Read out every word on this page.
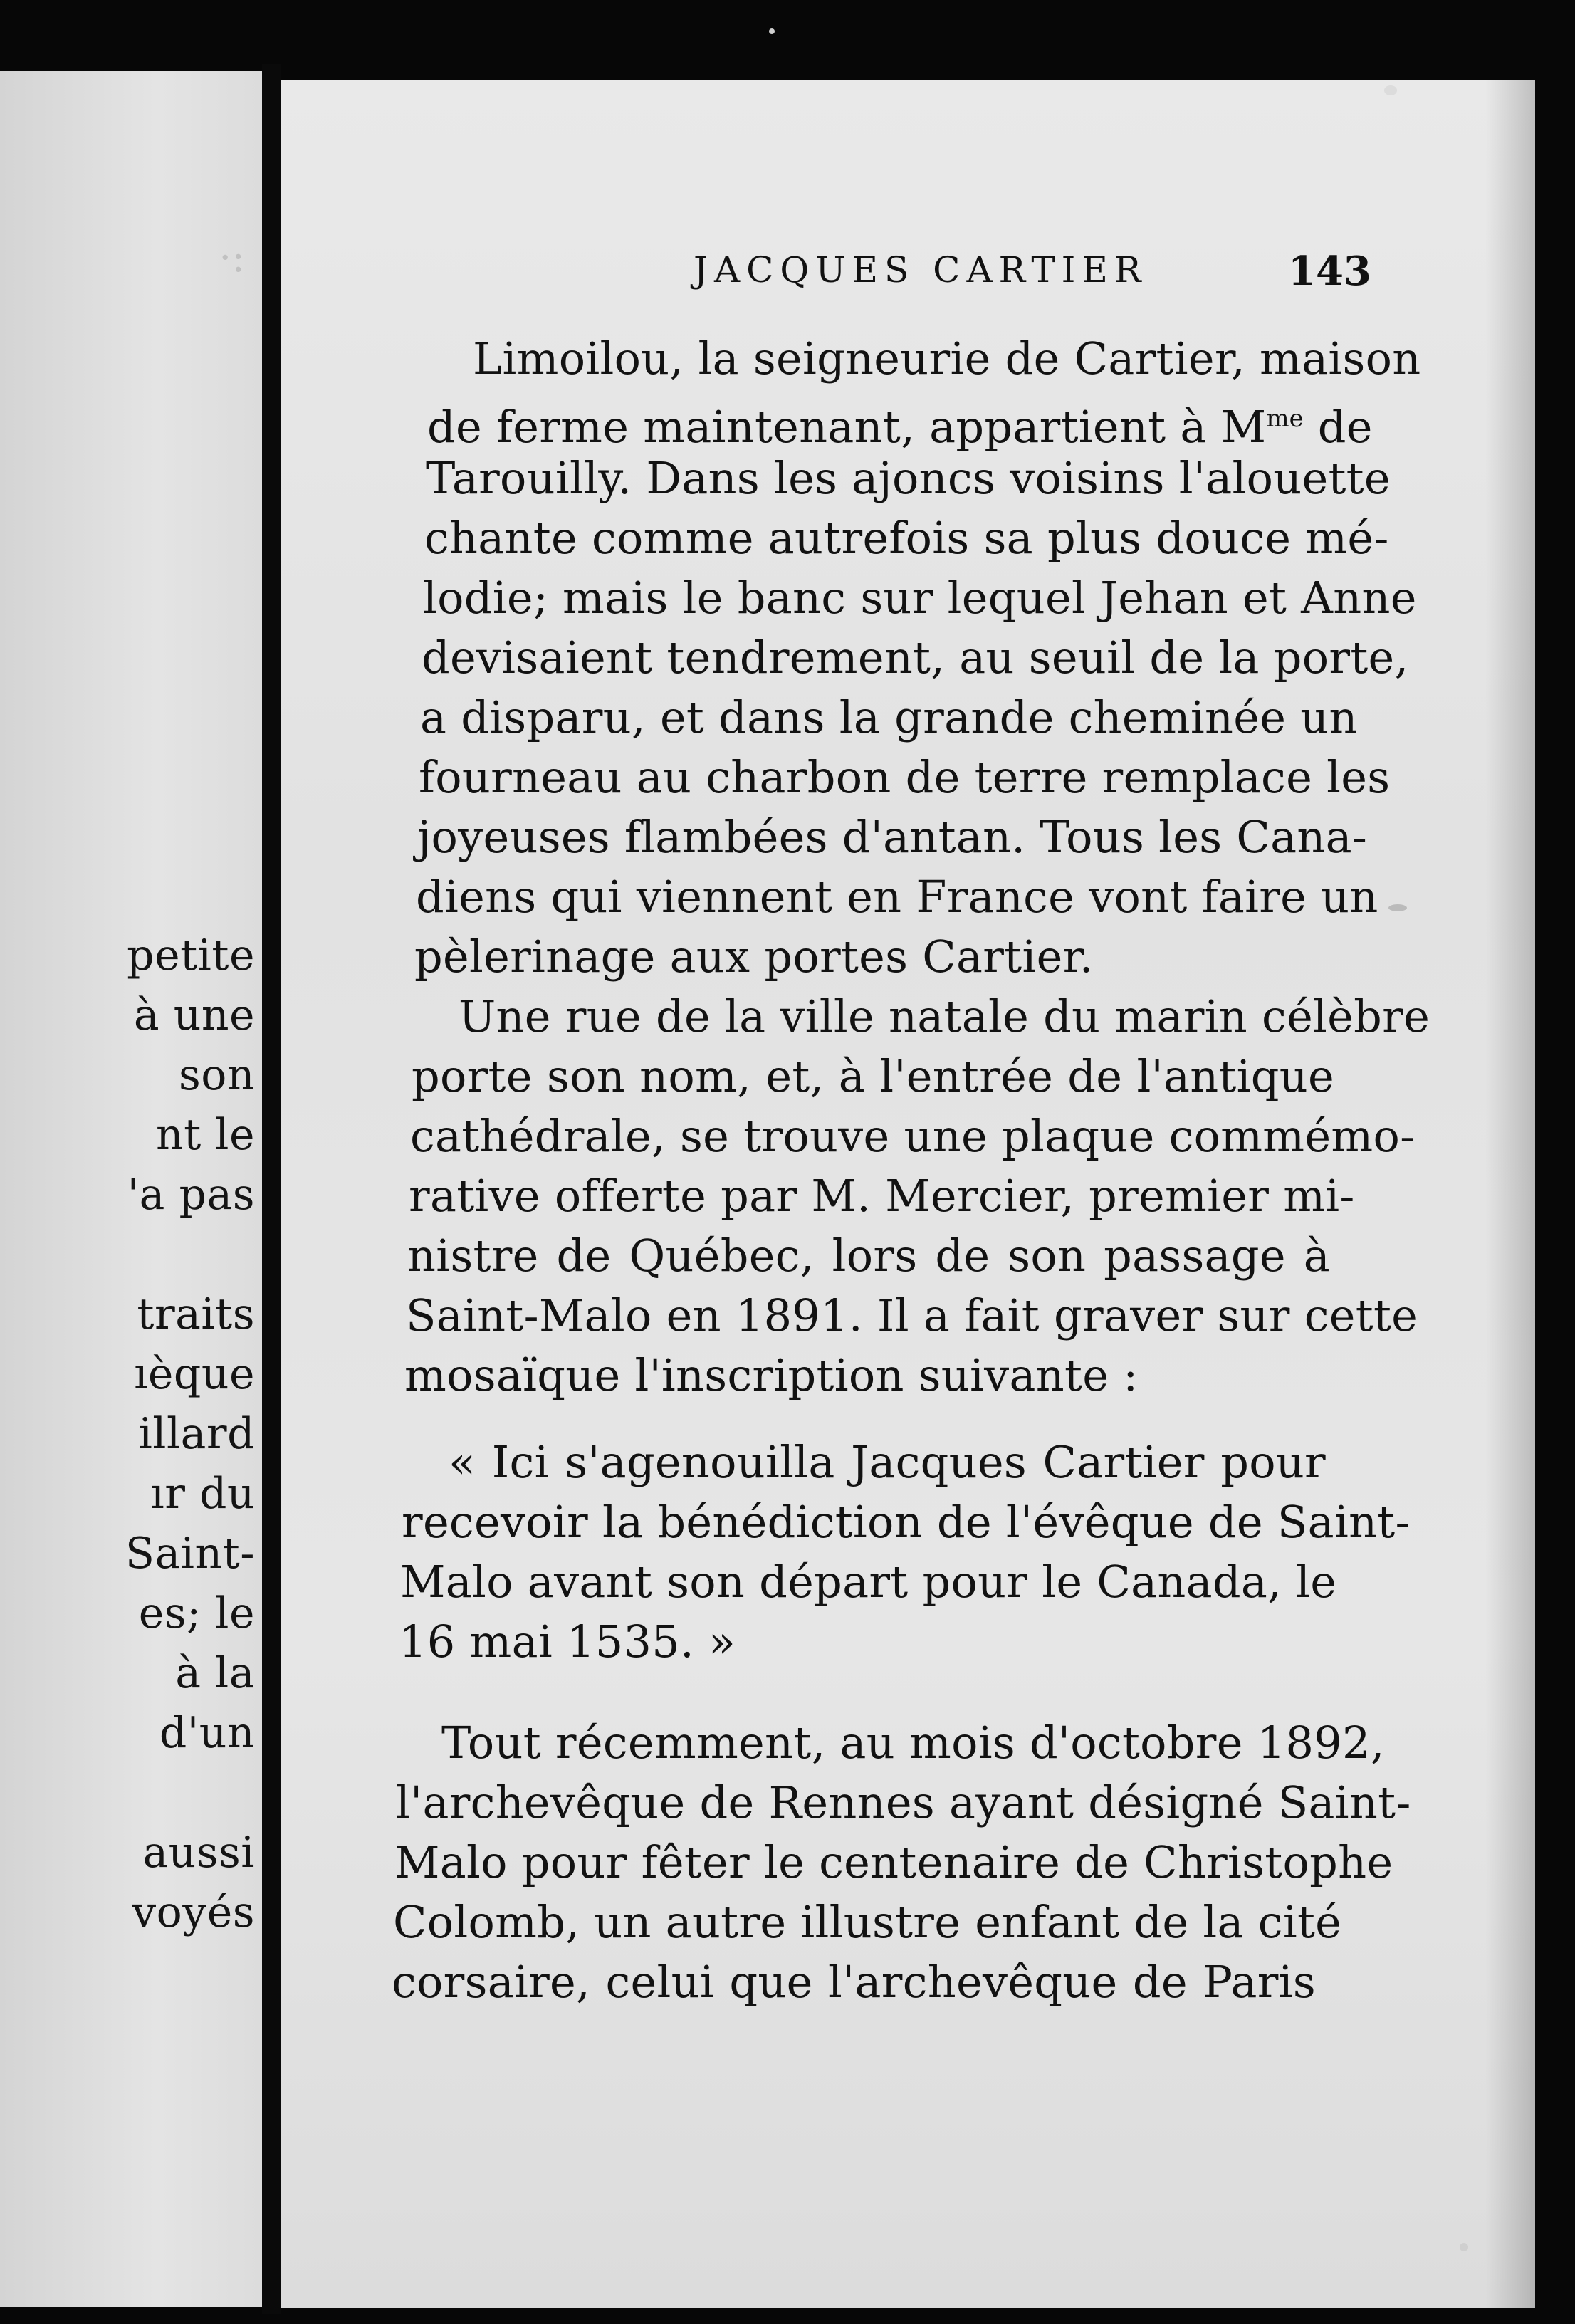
·:
petite
à une
son
nt le
'a pas
traits
ıèque
illard
ır du
Saint-
es; le
à la
d'un
aussi
voyés
JACQUES CARTIER	143
Limoilou, la seigneurie de Cartier, maison
de ferme maintenant, appartient à $M^{me}$ de
Tarouilly. Dans les ajoncs voisins l'alouette
chante comme autrefois sa plus douce mé-
lodie; mais le banc sur lequel Jehan et Anne
devisaient tendrement, au seuil de la porte,
a disparu, et dans la grande cheminée un
fourneau au charbon de terre remplace les
joyeuses flambées d'antan. Tous les Cana-
diens qui viennent en France vont faire un
pèlerinage aux portes Cartier.
Une rue de la ville natale du marin célèbre
porte son nom, et, à l'entrée de l'antique
cathédrale, se trouve une plaque commémo-
rative offerte par M. Mercier, premier mi-
nistre de Québec, lors de son passage à
Saint-Malo en 1891. Il a fait graver sur cette
mosaïque l'inscription suivante :
« Ici s'agenouilla Jacques Cartier pour
recevoir la bénédiction de l'évêque de Saint-
Malo avant son départ pour le Canada, le
16 mai 1535. »
Tout récemment, au mois d'octobre 1892,
l'archevêque de Rennes ayant désigné Saint-
Malo pour fêter le centenaire de Christophe
Colomb, un autre illustre enfant de la cité
corsaire, celui que l'archevêque de Paris
